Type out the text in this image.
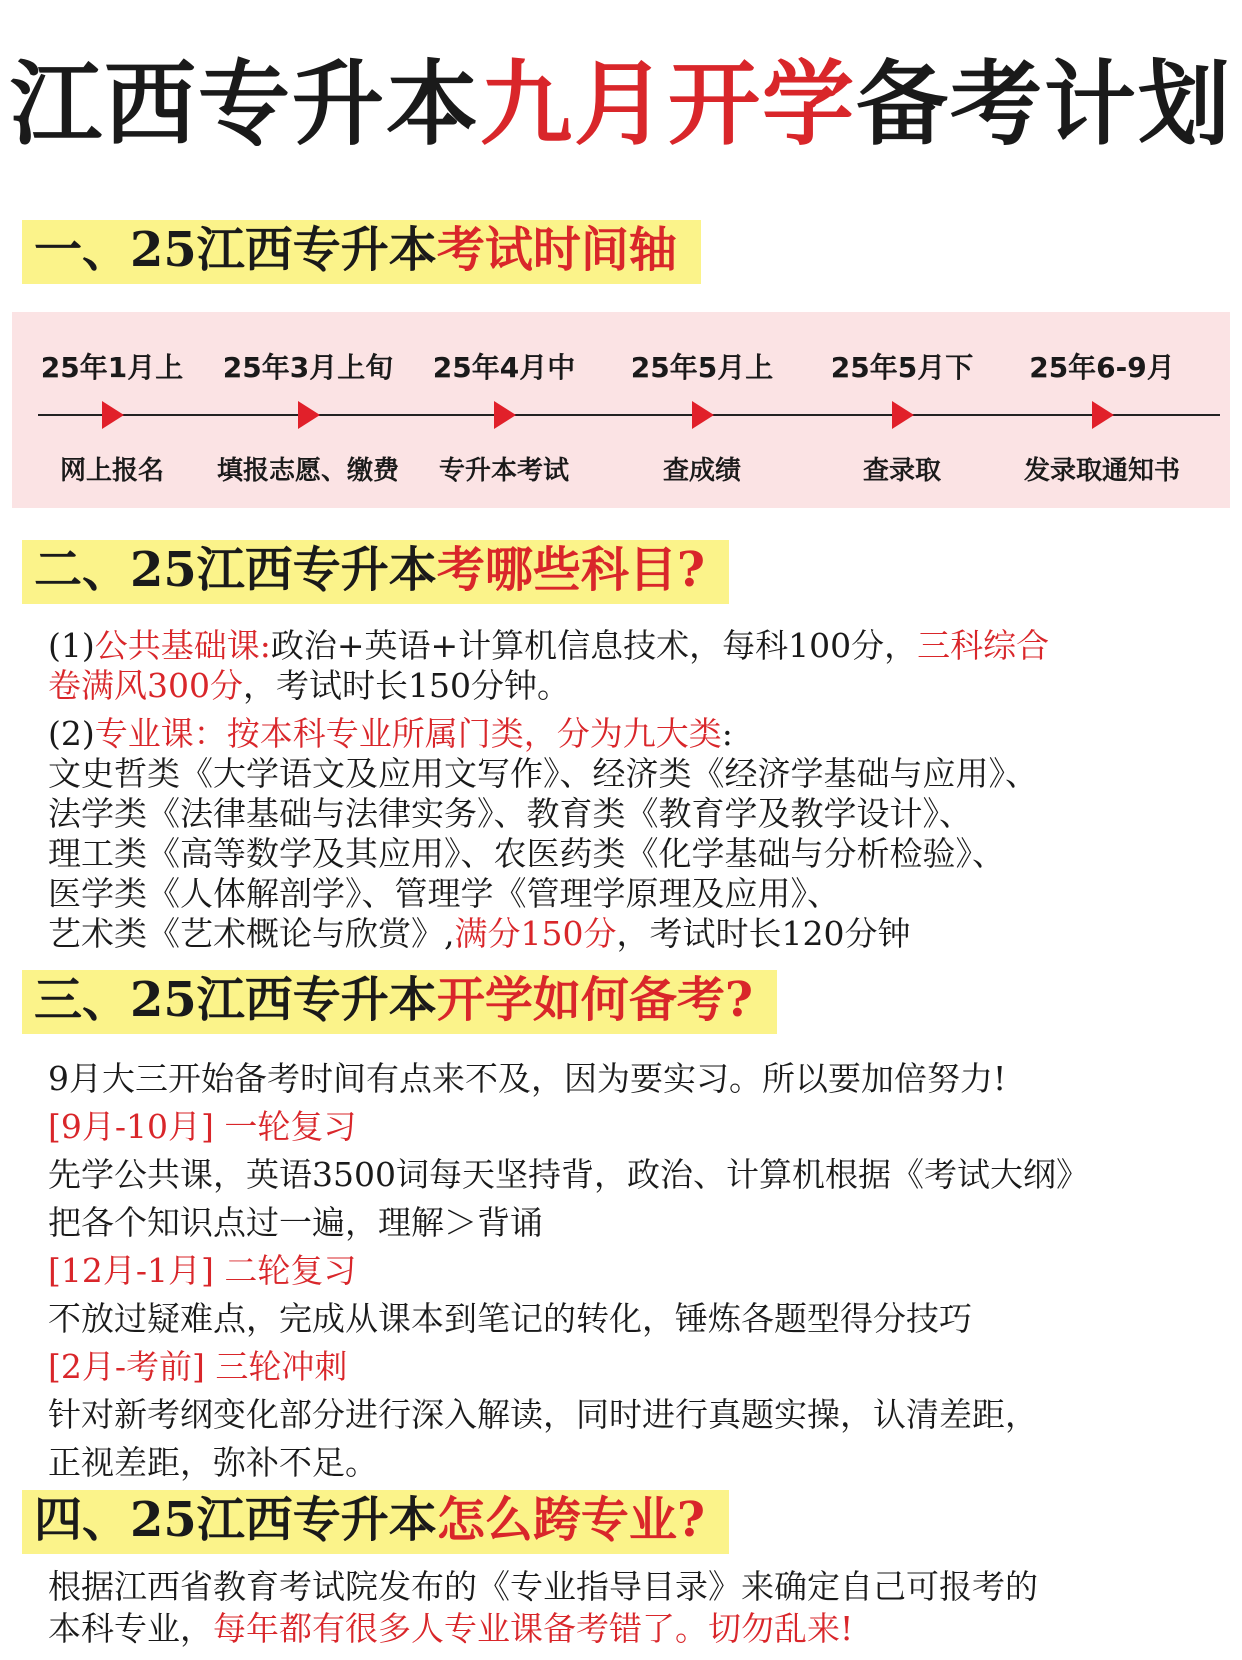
江西专升本九月开学备考计划
一、25江西专升本考试时间轴
25年1月上
网上报名
25年3月上旬
填报志愿、缴费
25年4月中
专升本考试
25年5月上
查成绩
25年5月下
查录取
25年6-9月
发录取通知书
二、25江西专升本考哪些科目?

(1)公共基础课:政治+英语+计算机信息技术，每科100分，三科综合

卷满风300分，考试时长150分钟。

(2)专业课：按本科专业所属门类，分为九大类:

文史哲类《大学语文及应用文写作》、经济类《经济学基础与应用》、

法学类《法律基础与法律实务》、教育类《教育学及教学设计》、

理工类《高等数学及其应用》、农医药类《化学基础与分析检验》、

医学类《人体解剖学》、管理学《管理学原理及应用》、

艺术类《艺术概论与欣赏》,满分150分，考试时长120分钟

三、25江西专升本开学如何备考?

9月大三开始备考时间有点来不及，因为要实习。所以要加倍努力!

[9月-10月] 一轮复习

先学公共课，英语3500词每天坚持背，政治、计算机根据《考试大纲》

把各个知识点过一遍，理解＞背诵

[12月-1月] 二轮复习

不放过疑难点，完成从课本到笔记的转化，锤炼各题型得分技巧

[2月-考前] 三轮冲刺

针对新考纲变化部分进行深入解读，同时进行真题实操，认清差距，

正视差距，弥补不足。

四、25江西专升本怎么跨专业?

根据江西省教育考试院发布的《专业指导目录》来确定自己可报考的

本科专业，每年都有很多人专业课备考错了。切勿乱来!
